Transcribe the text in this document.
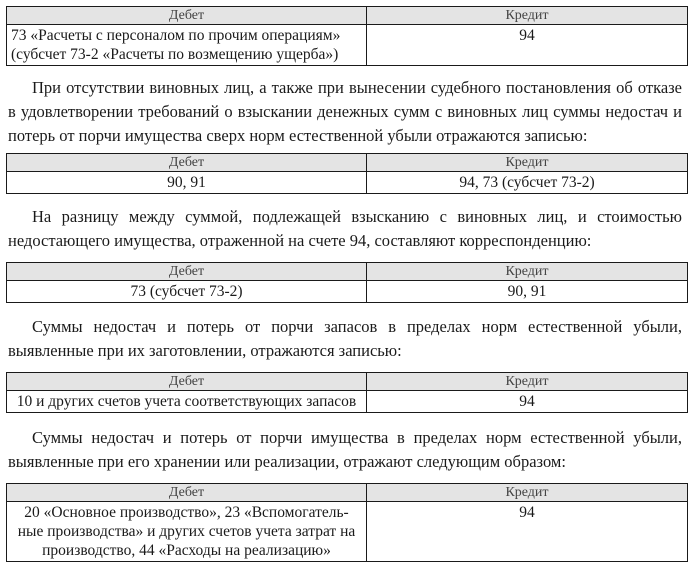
Дебет	Кредит

73 «Расчеты с персоналом по прочим операциям»
(субсчет 73-2 «Расчеты по возмещению ущерба»)	94

При отсутствии виновных лиц, а также при вынесении судебного постановления об отказе в удовлетворении требований о взыскании денежных сумм с виновных лиц суммы недостач и потерь от порчи имущества сверх норм естественной убыли отражаются записью:

Дебет	Кредит
90, 91	94, 73 (субсчет 73-2)

На разницу между суммой, подлежащей взысканию с виновных лиц, и стоимостью недостающего имущества, отраженной на счете 94, составляют корреспонденцию:

Дебет	Кредит
73 (субсчет 73-2)	90, 91

Суммы недостач и потерь от порчи запасов в пределах норм естественной убыли, выявленные при их заготовлении, отражаются записью:

Дебет	Кредит
10 и других счетов учета соответствующих запасов	94

Суммы недостач и потерь от порчи имущества в пределах норм естественной убыли, выявленные при его хранении или реализации, отражают следующим образом:

Дебет	Кредит

20 «Основное производство», 23 «Вспомогатель-
ные производства» и других счетов учета затрат на
производство, 44 «Расходы на реализацию»	94
